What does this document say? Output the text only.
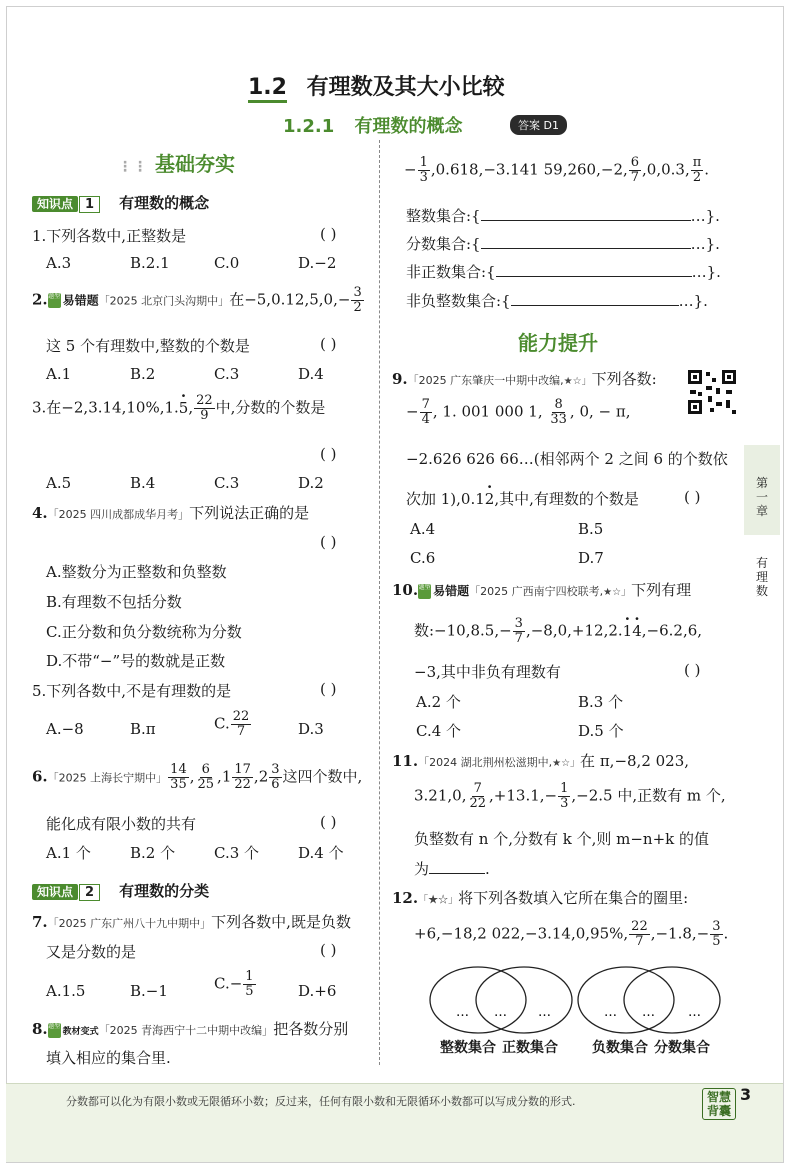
1.2 有理数及其大小比较
1.2.1 有理数的概念	答案 D1
⋮⋮ 基础夯实
知识点 1 有理数的概念
1.下列各数中,正整数是	( )
A.3	B.2.1	C.0	D.−2
2.题型 易错题「2025 北京门头沟期中」在$-5,0.12,5,0,- \frac{3}{2}$
这 5 个有理数中,整数的个数是	( )
A.1	B.2	C.3	D.4
3.在−2,3.14,10%,1.· 5, $\frac{22}{9}$ 中,分数的个数是
( )
A.5	B.4	C.3	D.2
4.「2025 四川成都成华月考」下列说法正确的是
( )
A.整数分为正整数和负整数
B.有理数不包括分数
C.正分数和负分数统称为分数
D.不带“−”号的数就是正数
5.下列各数中,不是有理数的是	( )
A.−8	B.π	C. $\frac{22}{7}$	D.3
6.「2025 上海长宁期中」 $\frac{14}{35}$ , $\frac{6}{25} ,1 \frac{17}{22} ,2 \frac{3}{6}$ 这四个数中,
能化成有限小数的共有	( )
A.1 个	B.2 个	C.3 个	D.4 个
知识点 2 有理数的分类
7.「2025 广东广州八十九中期中」下列各数中,既是负数
又是分数的是	( )
A.1.5	B.−1	$C.- \frac{1}{5}$	D.+6
8.题型教材变式「2025 青海西宁十二中期中改编」把各数分别
填入相应的集合里.
− $\frac{1}{3} ,0.618,-3.141$ 59,260,−2, $\frac{6}{7} ,0,0.3$, $\frac{\pi}{2}$ .
整数集合:{	…}.
分数集合:{	…}.
非正数集合:{	…}.
非负整数集合:{	…}.
能力提升
9.「2025 广东肇庆一中期中改编,★☆」下列各数:
− $\frac{7}{4}$ , 1. 001 000 1, $\frac{8}{33}$ , 0, − π,
−2.626 626 66…(相邻两个 2 之间 6 的个数依
次加 1),0.1· 2,其中,有理数的个数是	( )
A.4	B.5
C.6	D.7
10.题型 易错题「2025 广西南宁四校联考,★☆」下列有理
数:−10,8.5,− $\frac{3}{7} ,-8,0,+12,2.\cdot 1\cdot 4,-6.2,6$,
−3,其中非负有理数有	( )
A.2 个	B.3 个
C.4 个	D.5 个
11.「2024 湖北荆州松滋期中,★☆」在 π,−8,2 023,
3.21,0, $\frac{7}{22} ,+13.1,- \frac{1}{3} ,-2.5$ 中,正数有 m 个,
负整数有 n 个,分数有 k 个,则 m−n+k 的值
为	.
12.「★☆」将下列各数填入它所在集合的圈里:
+6,−18,2 022,−3.14,0,95%, $\frac{22}{7} ,-1.8,- \frac{3}{5}$ .
… … …	… …	…
整数集合 正数集合 负数集合 分数集合
第一章
有理数
分数都可以化为有限小数或无限循环小数；反过来，任何有限小数和无限循环小数都可以写成分数的形式.	智慧
背囊
3
